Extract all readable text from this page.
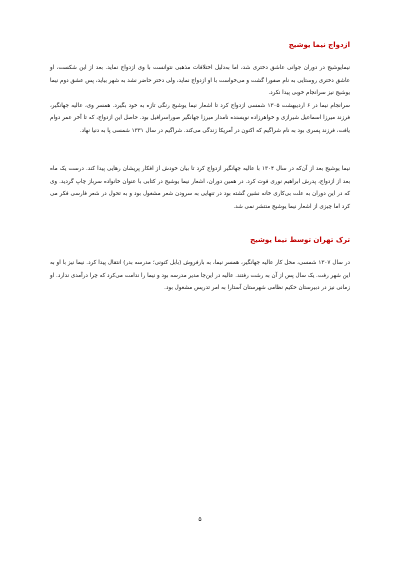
ازدواج نیما یوشیج

نیمایوشیج در دوران جوانی عاشق دختری شد، اما بەدلیل اختلافات مذهبی نتوانست با وی ازدواج نماید. بعد از این شکست، او عاشق دختری روستایی به نام صفورا گشت و می‌خواست با او ازدواج نماید، ولی دختر حاضر نشد به شهر بیاید، پس عشق دوم نیما یوشیج نیز سرانجام خوبی پیدا نکرد.

سرانجام نیما در ۶ اردیبهشت ۱۳۰۵ شمسی ازدواج کرد تا اشعار نیما یوشیج رنگی تازه به خود بگیرد. همسر وی، عالیه جهانگیر، فرزند میرزا اسماعیل شیرازی و خواهرزاده نویسنده نامدار میرزا جهانگیر صوراسرافیل بود. حاصل این ازدواج، که تا آخر عمر دوام یافت، فرزند پسری بود به نام شراگیم که اکنون در آمریکا زندگی می‌کند. شراگیم در سال ۱۳۳۱ شمسی پا به دنیا نهاد.

نیما یوشیج بعد از آن‌که در سال ۱۳۰۴ با عالیه جهانگیر ازدواج کرد تا بیان خودش از افکار پریشان رهایی پیدا کند. درست یک ماه بعد از ازدواج، پدرش ابراهیم نوری فوت کرد. در همین دوران، اشعار نیما یوشیج در کتابی با عنوان خانواده سرباز چاپ گردید. وی که در این دوران به علت بی‌کاری خانه نشین گشته بود در تنهایی به سرودن شعر مشغول بود و به تحول در شعر فارسی فکر می کرد اما چیزی از اشعار نیما یوشیج منتشر نمی شد.

ترک تهران توسط نیما یوشیج

در سال ۱۳۰۷ شمسی، محل کار عالیه جهانگیر، همسر نیما، به بارفروش (بابل کنونی؛ مدرسه بدر) انتقال پیدا کرد. نیما نیز با او به این شهر رفت. یک سال پس از آن به رشت رفتند. عالیه در این‌جا مدیر مدرسه بود و نیما را ندامت می‌کرد که چرا درآمدی ندارد. او زمانی نیز در دبیرستان حکیم نظامی شهرستان آستارا به امر تدریس مشغول بود.

۵
